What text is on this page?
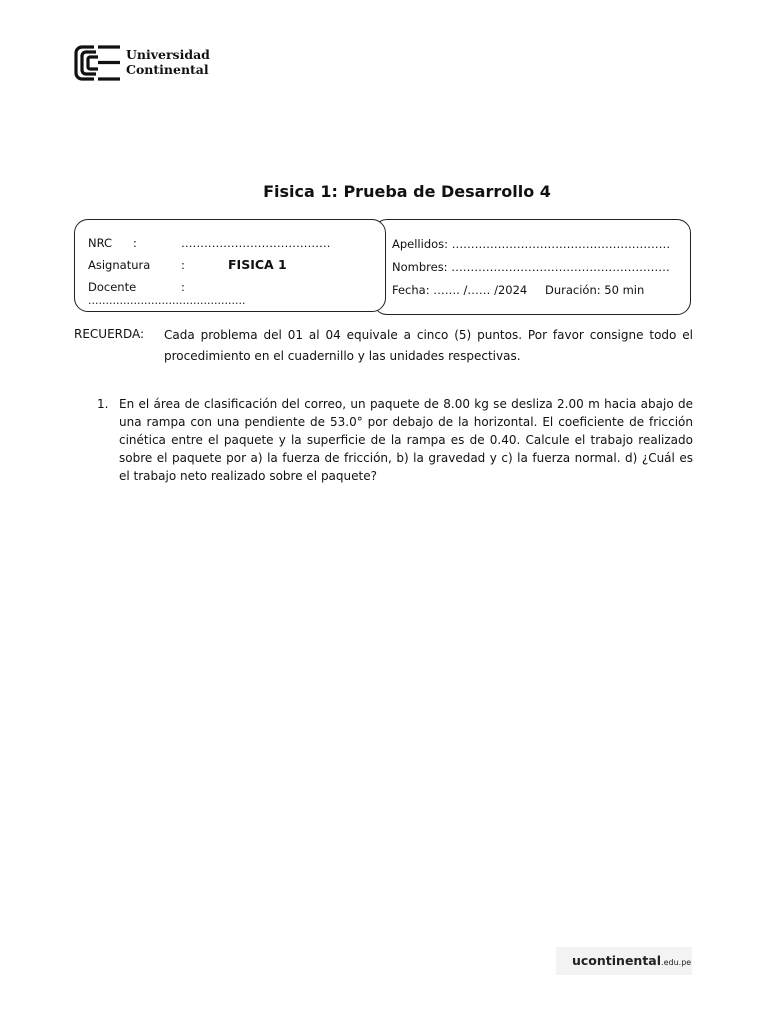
Universidad
Continental
Fisica 1: Prueba de Desarrollo 4
Apellidos: …………………………………………………
Nombres: …………………………………………………
Fecha: ……. /…… /2024 Duración: 50 min
NRC :	…………………………………
Asignatura	:	FISICA 1
Docente	:
………………………………………
RECUERDA: Cada problema del 01 al 04 equivale a cinco (5) puntos. Por favor consigne todo el procedimiento en el cuadernillo y las unidades respectivas.
1. En el área de clasificación del correo, un paquete de 8.00 kg se desliza 2.00 m hacia abajo de una rampa con una pendiente de 53.0° por debajo de la horizontal. El coeficiente de fricción cinética entre el paquete y la superficie de la rampa es de 0.40. Calcule el trabajo realizado sobre el paquete por a) la fuerza de fricción, b) la gravedad y c) la fuerza normal. d) ¿Cuál es el trabajo neto realizado sobre el paquete?
ucontinental.edu.pe
